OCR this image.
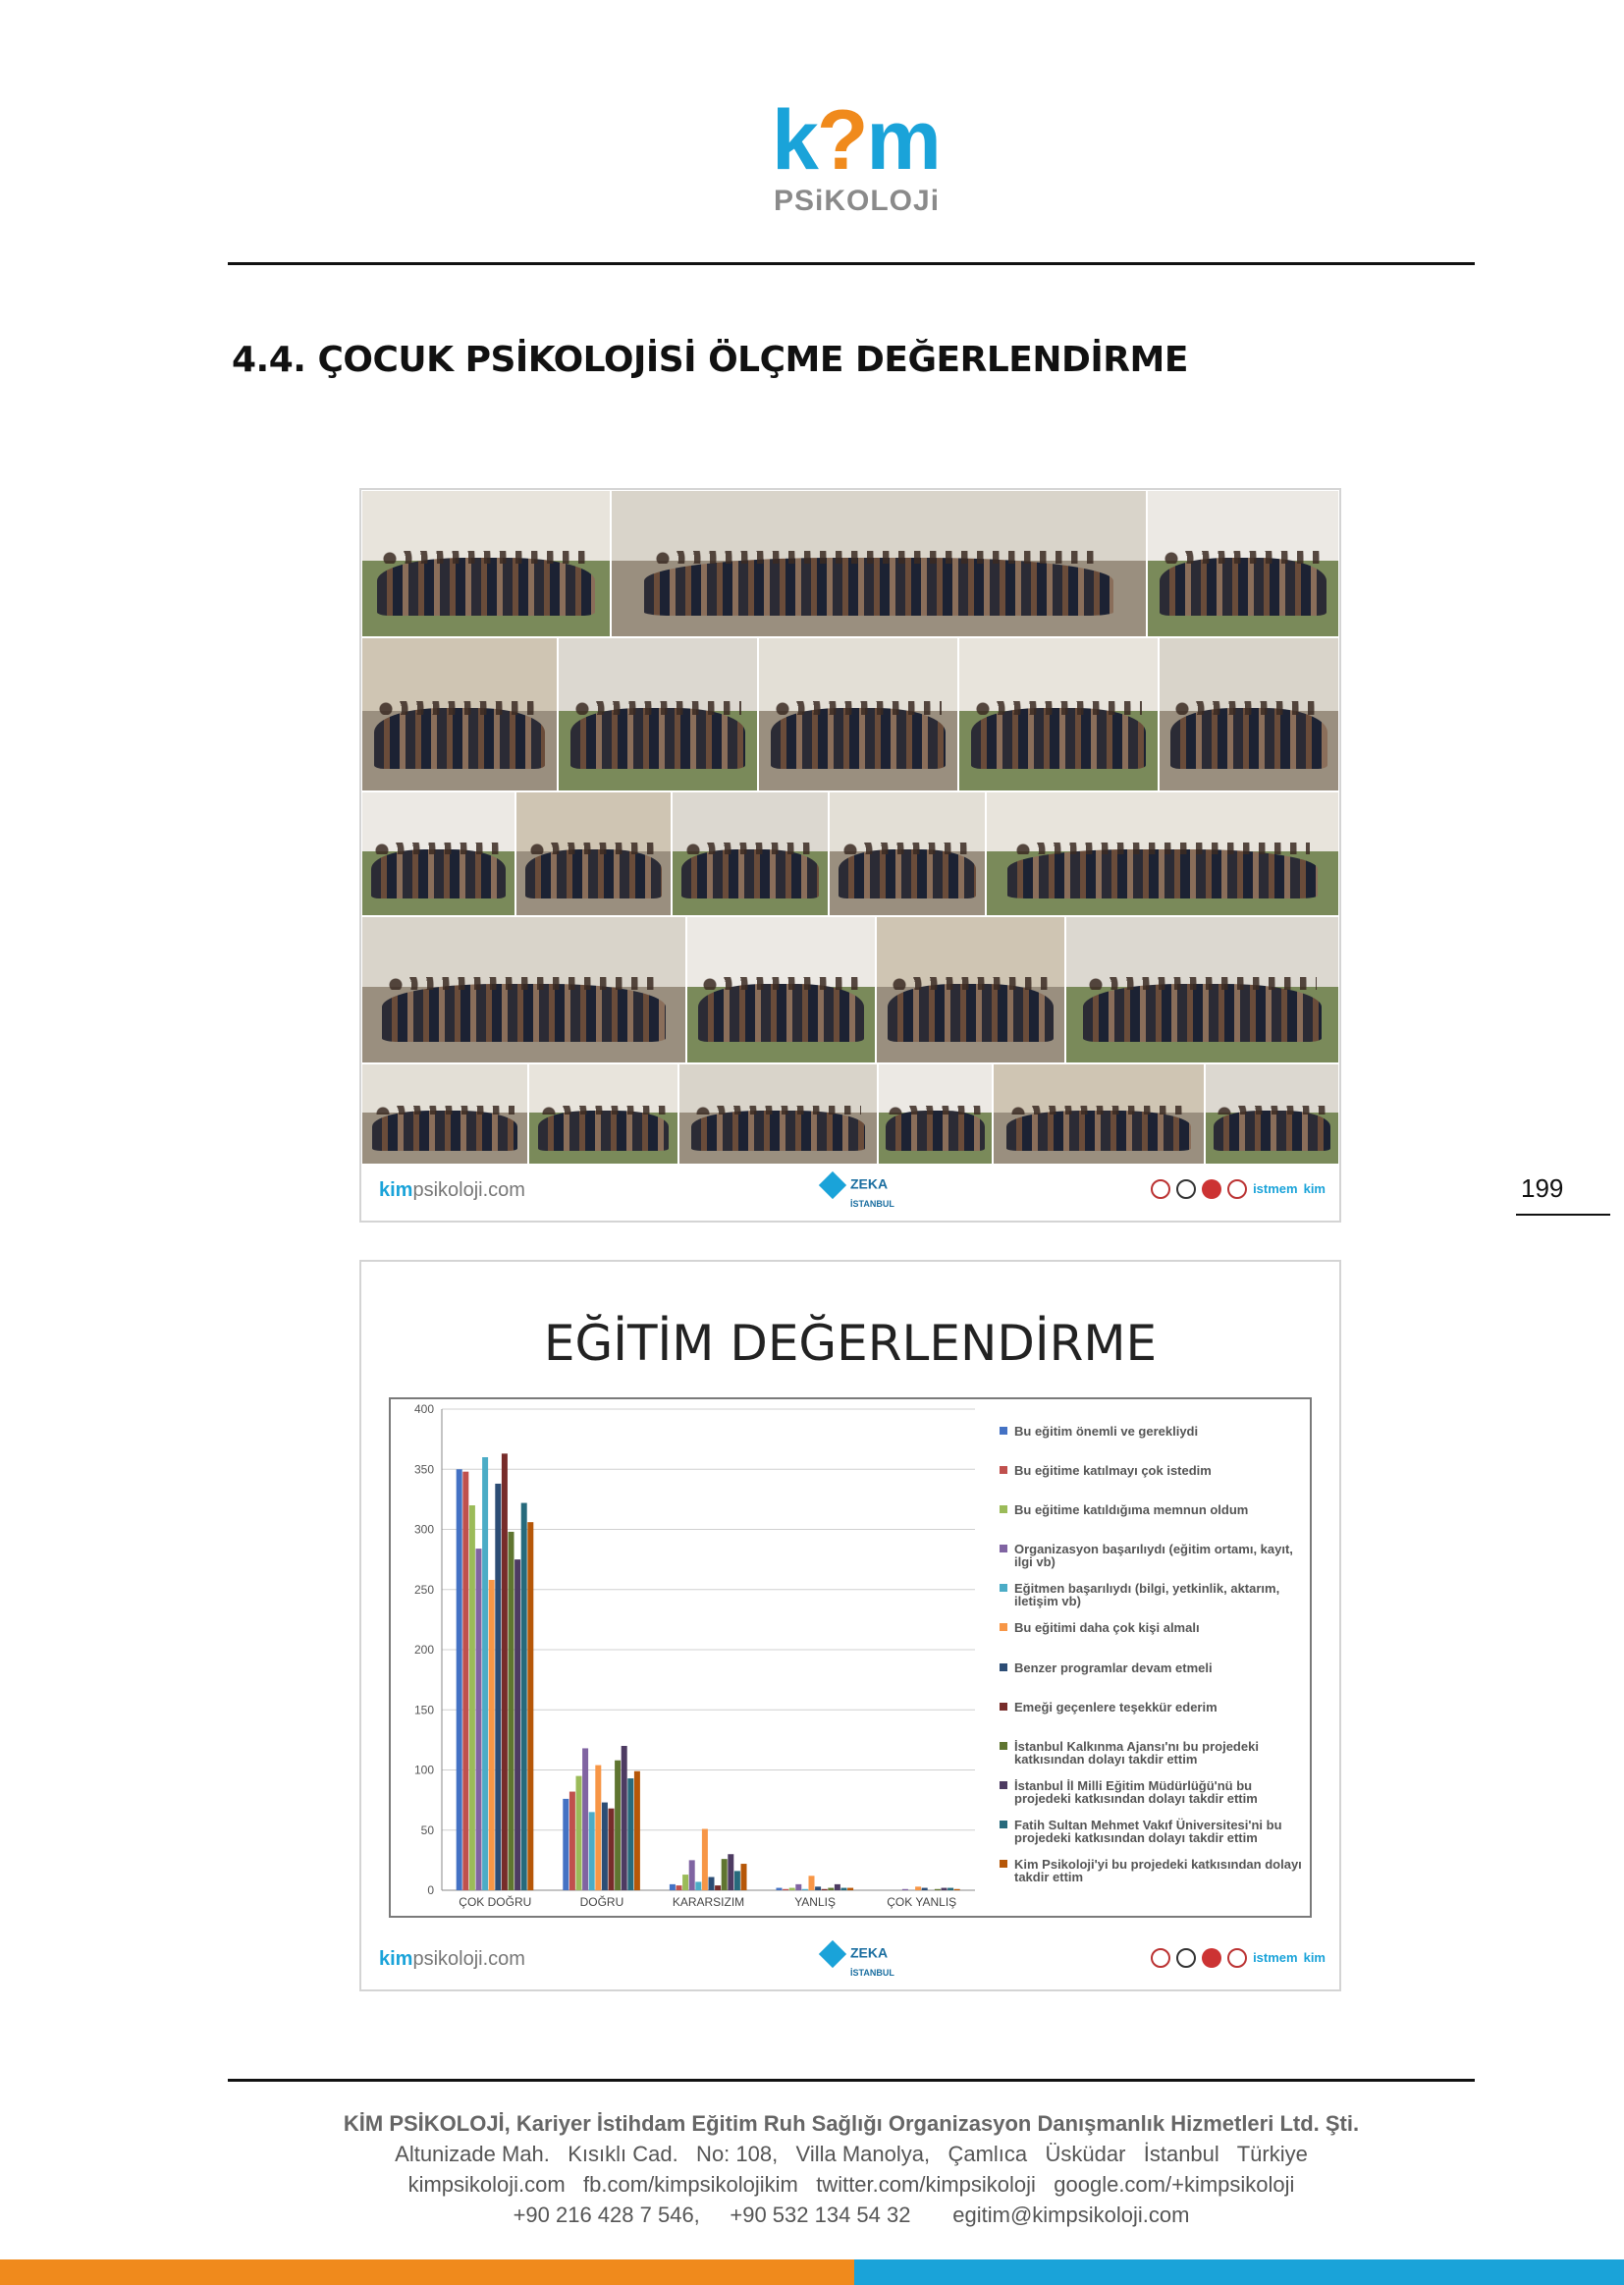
k?m
PSiKOLOJi
4.4. ÇOCUK PSİKOLOJİSİ ÖLÇME DEĞERLENDİRME
kimpsikoloji.com	ZEKA
İSTANBUL
istmem kim
EĞİTİM DEĞERLENDİRME
0
50
100
150
200
250
300
350
400
ÇOK DOĞRU	DOĞRU	KARARSIZIM	YANLIŞ	ÇOK YANLIŞ
Bu eğitim önemli ve gerekliydi
Bu eğitime katılmayı çok istedim
Bu eğitime katıldığıma memnun oldum
Organizasyon başarılıydı (eğitim ortamı, kayıt, ilgi vb)
Eğitmen başarılıydı (bilgi, yetkinlik, aktarım, iletişim vb)
Bu eğitimi daha çok kişi almalı
Benzer programlar devam etmeli
Emeği geçenlere teşekkür ederim
İstanbul Kalkınma Ajansı'nı bu projedeki katkısından dolayı takdir ettim
İstanbul İl Milli Eğitim Müdürlüğü'nü bu projedeki katkısından dolayı takdir ettim
Fatih Sultan Mehmet Vakıf Üniversitesi'ni bu projedeki katkısından dolayı takdir ettim
Kim Psikoloji'yi bu projedeki katkısından dolayı takdir ettim
kimpsikoloji.com	ZEKA
İSTANBUL
istmem kim
199
KİM PSİKOLOJİ, Kariyer İstihdam Eğitim Ruh Sağlığı Organizasyon Danışmanlık Hizmetleri Ltd. Şti.
Altunizade Mah.   Kısıklı Cad.   No: 108,   Villa Manolya,   Çamlıca   Üsküdar   İstanbul   Türkiye
kimpsikoloji.com   fb.com/kimpsikolojikim   twitter.com/kimpsikoloji   google.com/+kimpsikoloji
+90 216 428 7 546,     +90 532 134 54 32       egitim@kimpsikoloji.com
